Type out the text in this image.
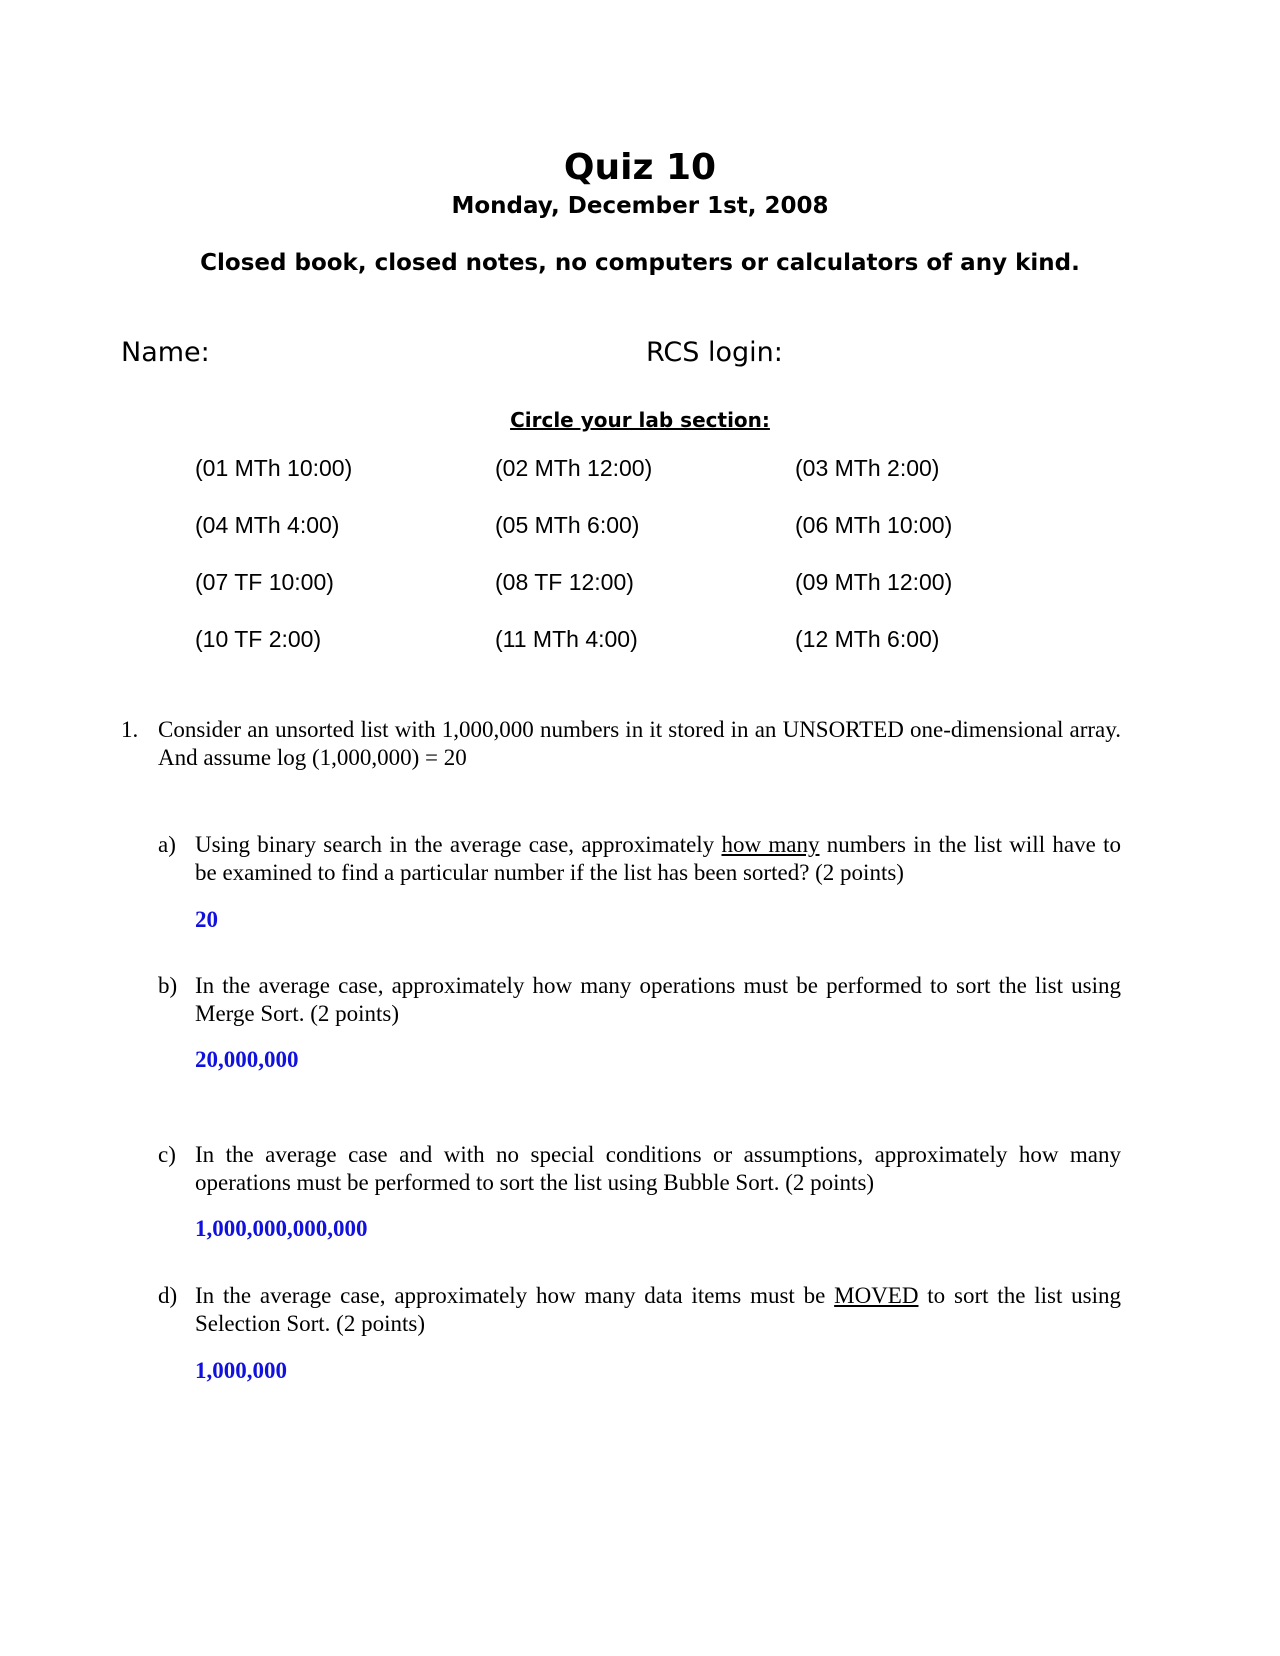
Quiz 10
Monday, December 1st, 2008
Closed book, closed notes, no computers or calculators of any kind.
Name:	RCS login:
Circle your lab section:
(01 MTh 10:00)	(02 MTh 12:00)	(03 MTh 2:00)
(04 MTh 4:00)	(05 MTh 6:00)	(06 MTh 10:00)
(07 TF 10:00)	(08 TF 12:00)	(09 MTh 12:00)
(10 TF 2:00)	(11 MTh 4:00)	(12 MTh 6:00)
1. Consider an unsorted list with 1,000,000 numbers in it stored in an UNSORTED one-dimensional array. And assume log (1,000,000) = 20
a) Using binary search in the average case, approximately how many numbers in the list will have to be examined to find a particular number if the list has been sorted? (2 points)
20
b) In the average case, approximately how many operations must be performed to sort the list using Merge Sort. (2 points)
20,000,000
c) In the average case and with no special conditions or assumptions, approximately how many operations must be performed to sort the list using Bubble Sort. (2 points)
1,000,000,000,000
d) In the average case, approximately how many data items must be MOVED to sort the list using Selection Sort. (2 points)
1,000,000
